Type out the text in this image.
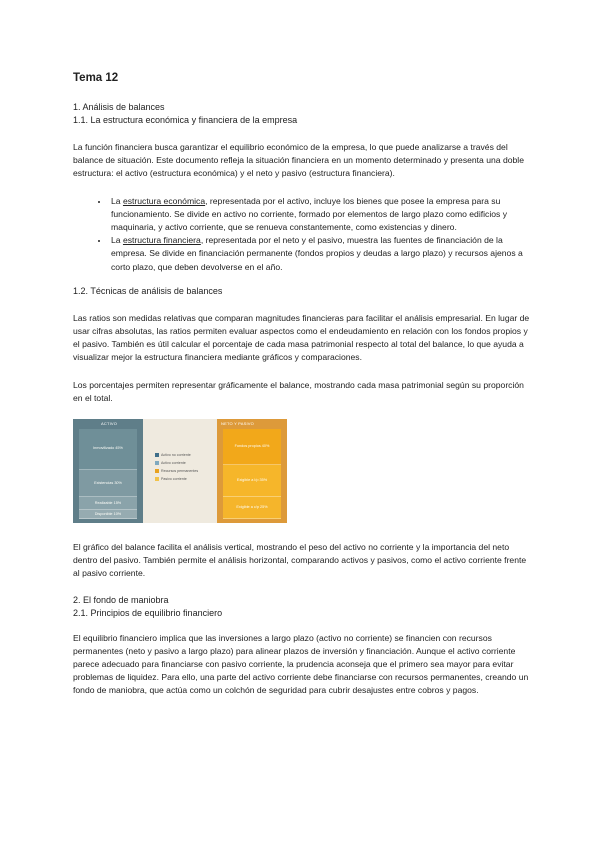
Tema 12
1. Análisis de balances
1.1. La estructura económica y financiera de la empresa

La función financiera busca garantizar el equilibrio económico de la empresa, lo que puede analizarse a través del balance de situación. Este documento refleja la situación financiera en un momento determinado y presenta una doble estructura: el activo (estructura económica) y el neto y pasivo (estructura financiera).

• La estructura económica, representada por el activo, incluye los bienes que posee la empresa para su funcionamiento. Se divide en activo no corriente, formado por elementos de largo plazo como edificios y maquinaria, y activo corriente, que se renueva constantemente, como existencias y dinero.
• La estructura financiera, representada por el neto y el pasivo, muestra las fuentes de financiación de la empresa. Se divide en financiación permanente (fondos propios y deudas a largo plazo) y recursos ajenos a corto plazo, que deben devolverse en el año.
1.2. Técnicas de análisis de balances

Las ratios son medidas relativas que comparan magnitudes financieras para facilitar el análisis empresarial. En lugar de usar cifras absolutas, las ratios permiten evaluar aspectos como el endeudamiento en relación con los fondos propios y el pasivo. También es útil calcular el porcentaje de cada masa patrimonial respecto al total del balance, lo que ayuda a visualizar mejor la estructura financiera mediante gráficos y comparaciones.

Los porcentajes permiten representar gráficamente el balance, mostrando cada masa patrimonial según su proporción en el total.

ACTIVO
Inmovilizado 45%
Existencias 30%
Realizable 15%
Disponible 10%
NETO Y PASIVO
Fondos propios 40%
Exigible a l/p 35%
Exigible a c/p 25%
Activo no corriente
Activo corriente
Recursos permanentes
Pasivo corriente

El gráfico del balance facilita el análisis vertical, mostrando el peso del activo no corriente y la importancia del neto dentro del pasivo. También permite el análisis horizontal, comparando activos y pasivos, como el activo corriente frente al pasivo corriente.

2. El fondo de maniobra
2.1. Principios de equilibrio financiero

El equilibrio financiero implica que las inversiones a largo plazo (activo no corriente) se financien con recursos permanentes (neto y pasivo a largo plazo) para alinear plazos de inversión y financiación. Aunque el activo corriente parece adecuado para financiarse con pasivo corriente, la prudencia aconseja que el primero sea mayor para evitar problemas de liquidez. Para ello, una parte del activo corriente debe financiarse con recursos permanentes, creando un fondo de maniobra, que actúa como un colchón de seguridad para cubrir desajustes entre cobros y pagos.
